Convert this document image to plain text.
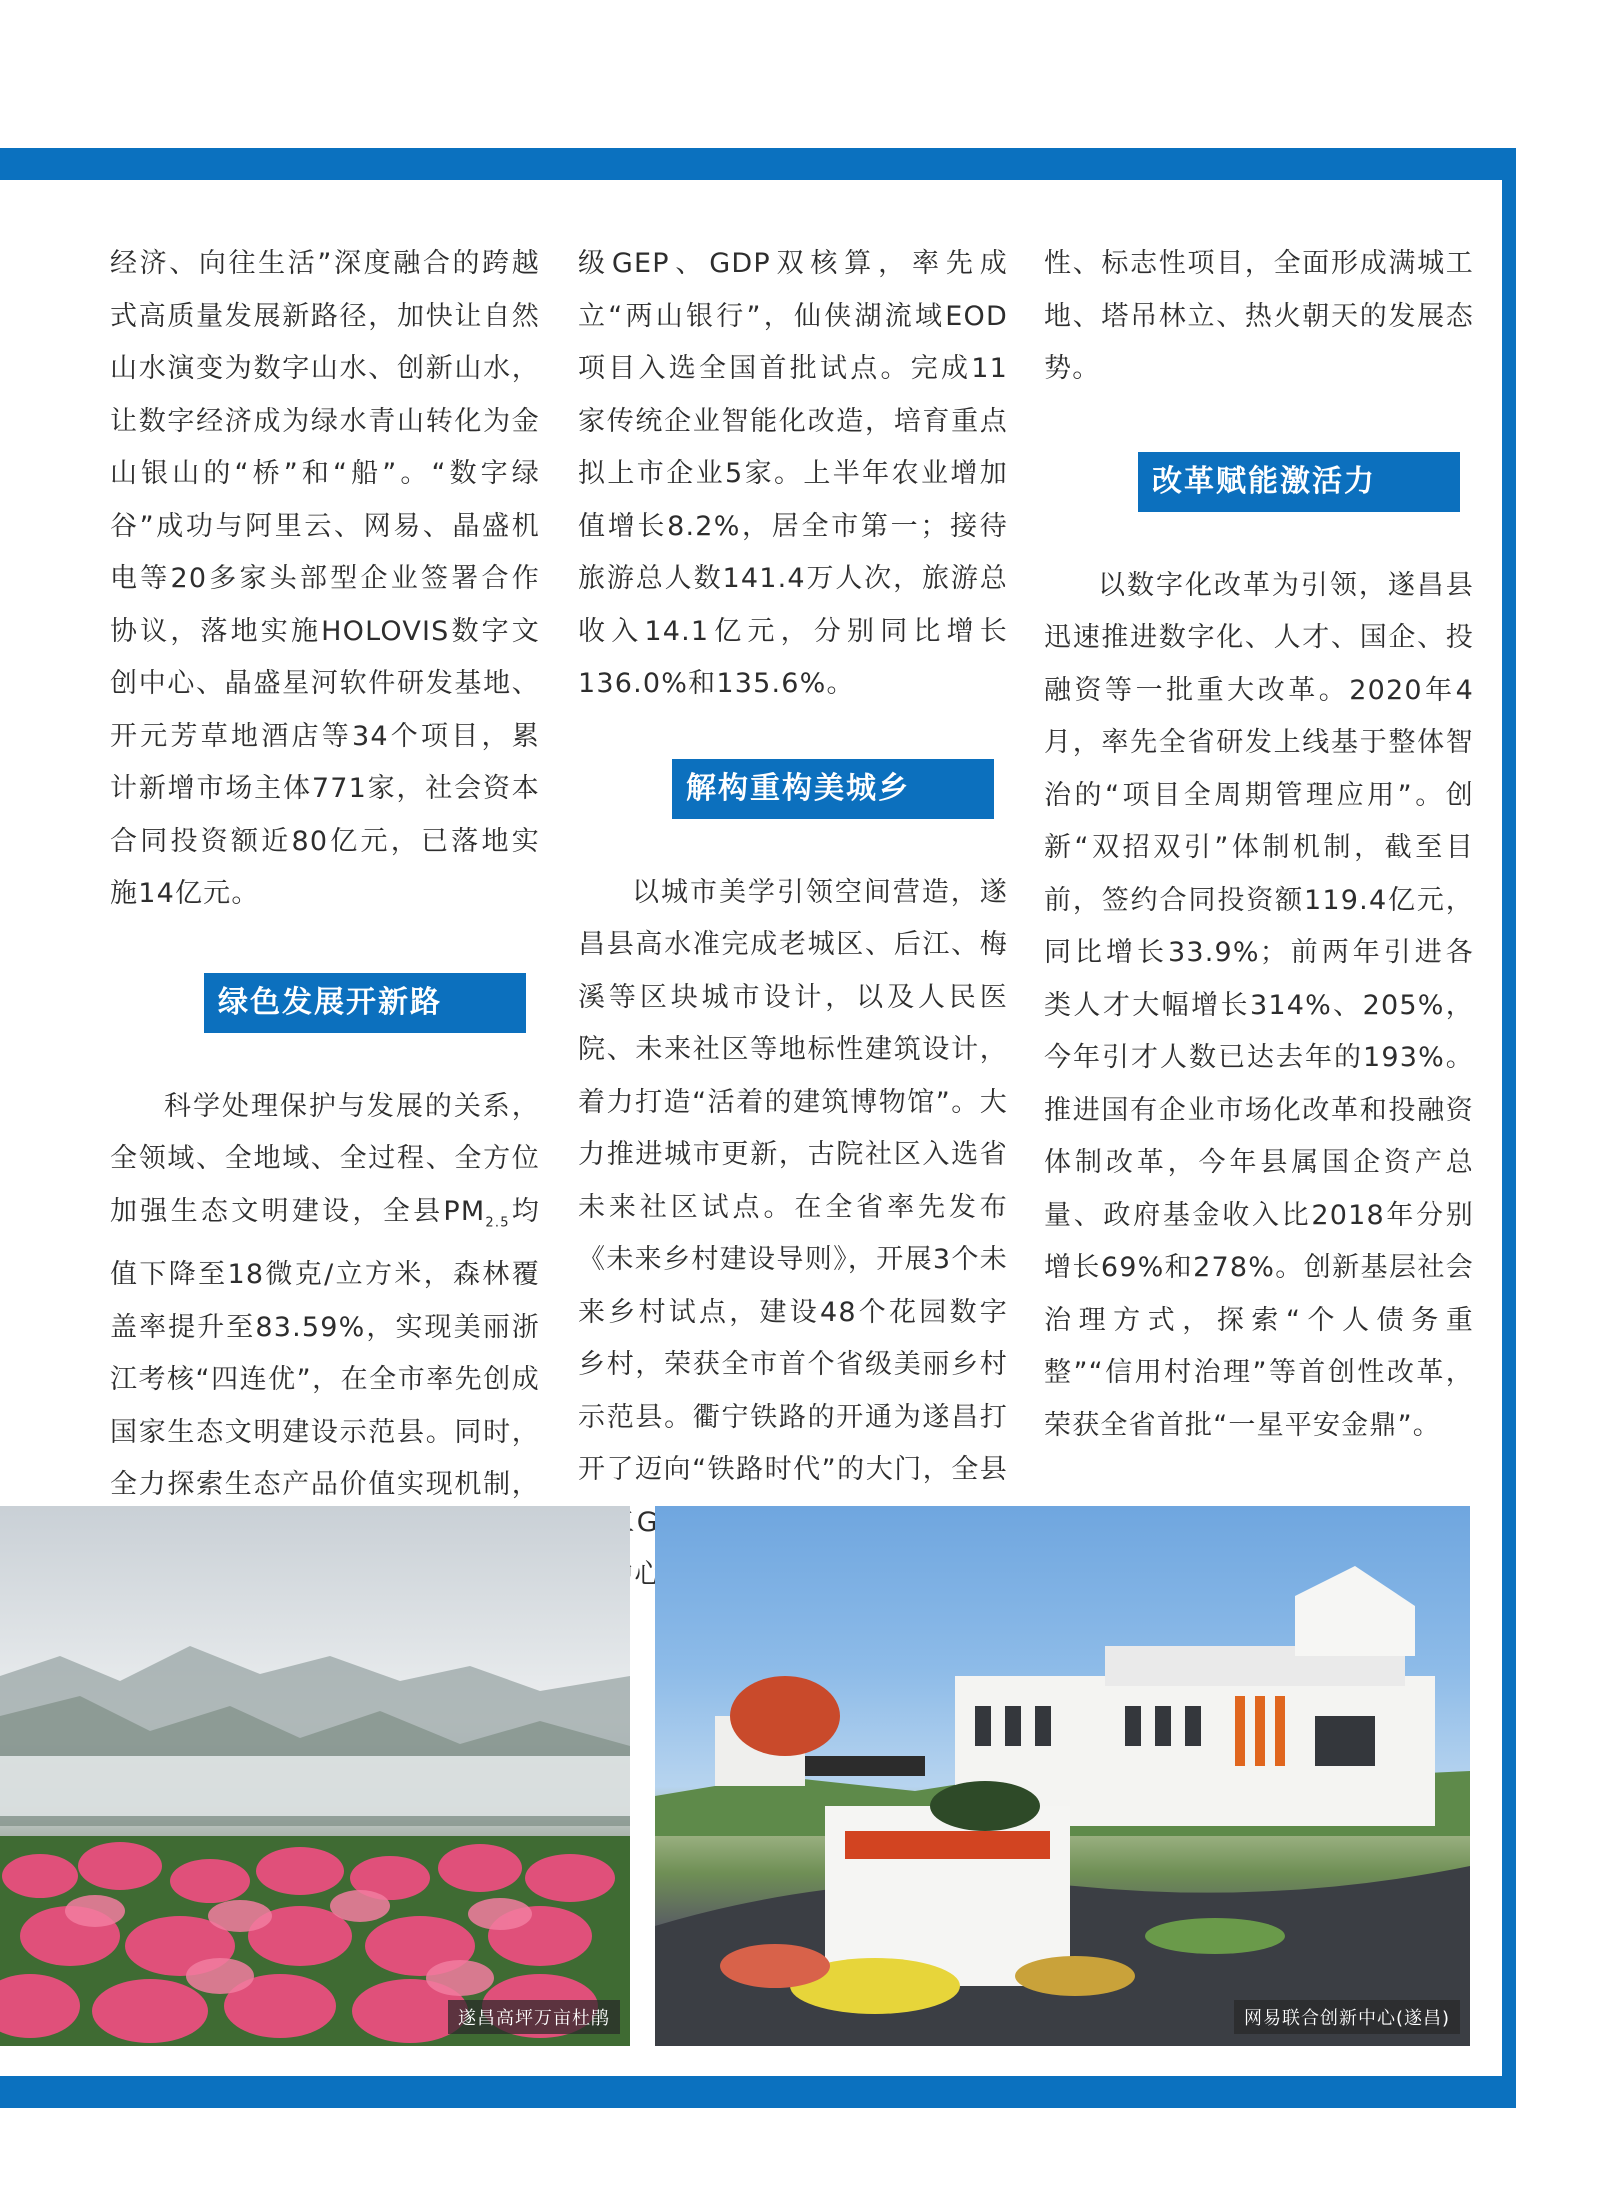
经济、向往生活”深度融合的跨越式高质量发展新路径，加快让自然山水演变为数字山水、创新山水，让数字经济成为绿水青山转化为金山银山的“桥”和“船”。“数字绿谷”成功与阿里云、网易、晶盛机电等20多家头部型企业签署合作协议，落地实施HOLOVIS数字文创中心、晶盛星河软件研发基地、开元芳草地酒店等34个项目，累计新增市场主体771家，社会资本合同投资额近80亿元，已落地实施14亿元。

绿色发展开新路

科学处理保护与发展的关系，全领域、全地域、全过程、全方位加强生态文明建设，全县$PM_{2.5}$均值下降至18微克/立方米，森林覆盖率提升至83.59%，实现美丽浙江考核“四连优”，在全市率先创成国家生态文明建设示范县。同时，全力探索生态产品价值实现机制，

级GEP、GDP双核算，率先成立“两山银行”，仙侠湖流域EOD项目入选全国首批试点。完成11家传统企业智能化改造，培育重点拟上市企业5家。上半年农业增加值增长8.2%，居全市第一；接待旅游总人数141.4万人次，旅游总收入14.1亿元，分别同比增长136.0%和135.6%。

解构重构美城乡

以城市美学引领空间营造，遂昌县高水准完成老城区、后江、梅溪等区块城市设计，以及人民医院、未来社区等地标性建筑设计，着力打造“活着的建筑博物馆”。大力推进城市更新，古院社区入选省未来社区试点。在全省率先发布《未来乡村建设导则》，开展3个未来乡村试点，建设48个花园数字乡村，荣获全市首个省级美丽乡村示范县。衢宁铁路的开通为遂昌打开了迈向“铁路时代”的大门，全县 工G5 中心等

性、标志性项目，全面形成满城工地、塔吊林立、热火朝天的发展态势。

改革赋能激活力

以数字化改革为引领，遂昌县迅速推进数字化、人才、国企、投融资等一批重大改革。2020年4月，率先全省研发上线基于整体智治的“项目全周期管理应用”。创新“双招双引”体制机制，截至目前，签约合同投资额119.4亿元，同比增长33.9%；前两年引进各类人才大幅增长314%、205%，今年引才人数已达去年的193%。推进国有企业市场化改革和投融资体制改革，今年县属国企资产总量、政府基金收入比2018年分别增长69%和278%。创新基层社会治理方式，探索“个人债务重整”“信用村治理”等首创性改革，荣获全省首批“一星平安金鼎”。

遂昌高坪万亩杜鹃	网易联合创新中心(遂昌)
